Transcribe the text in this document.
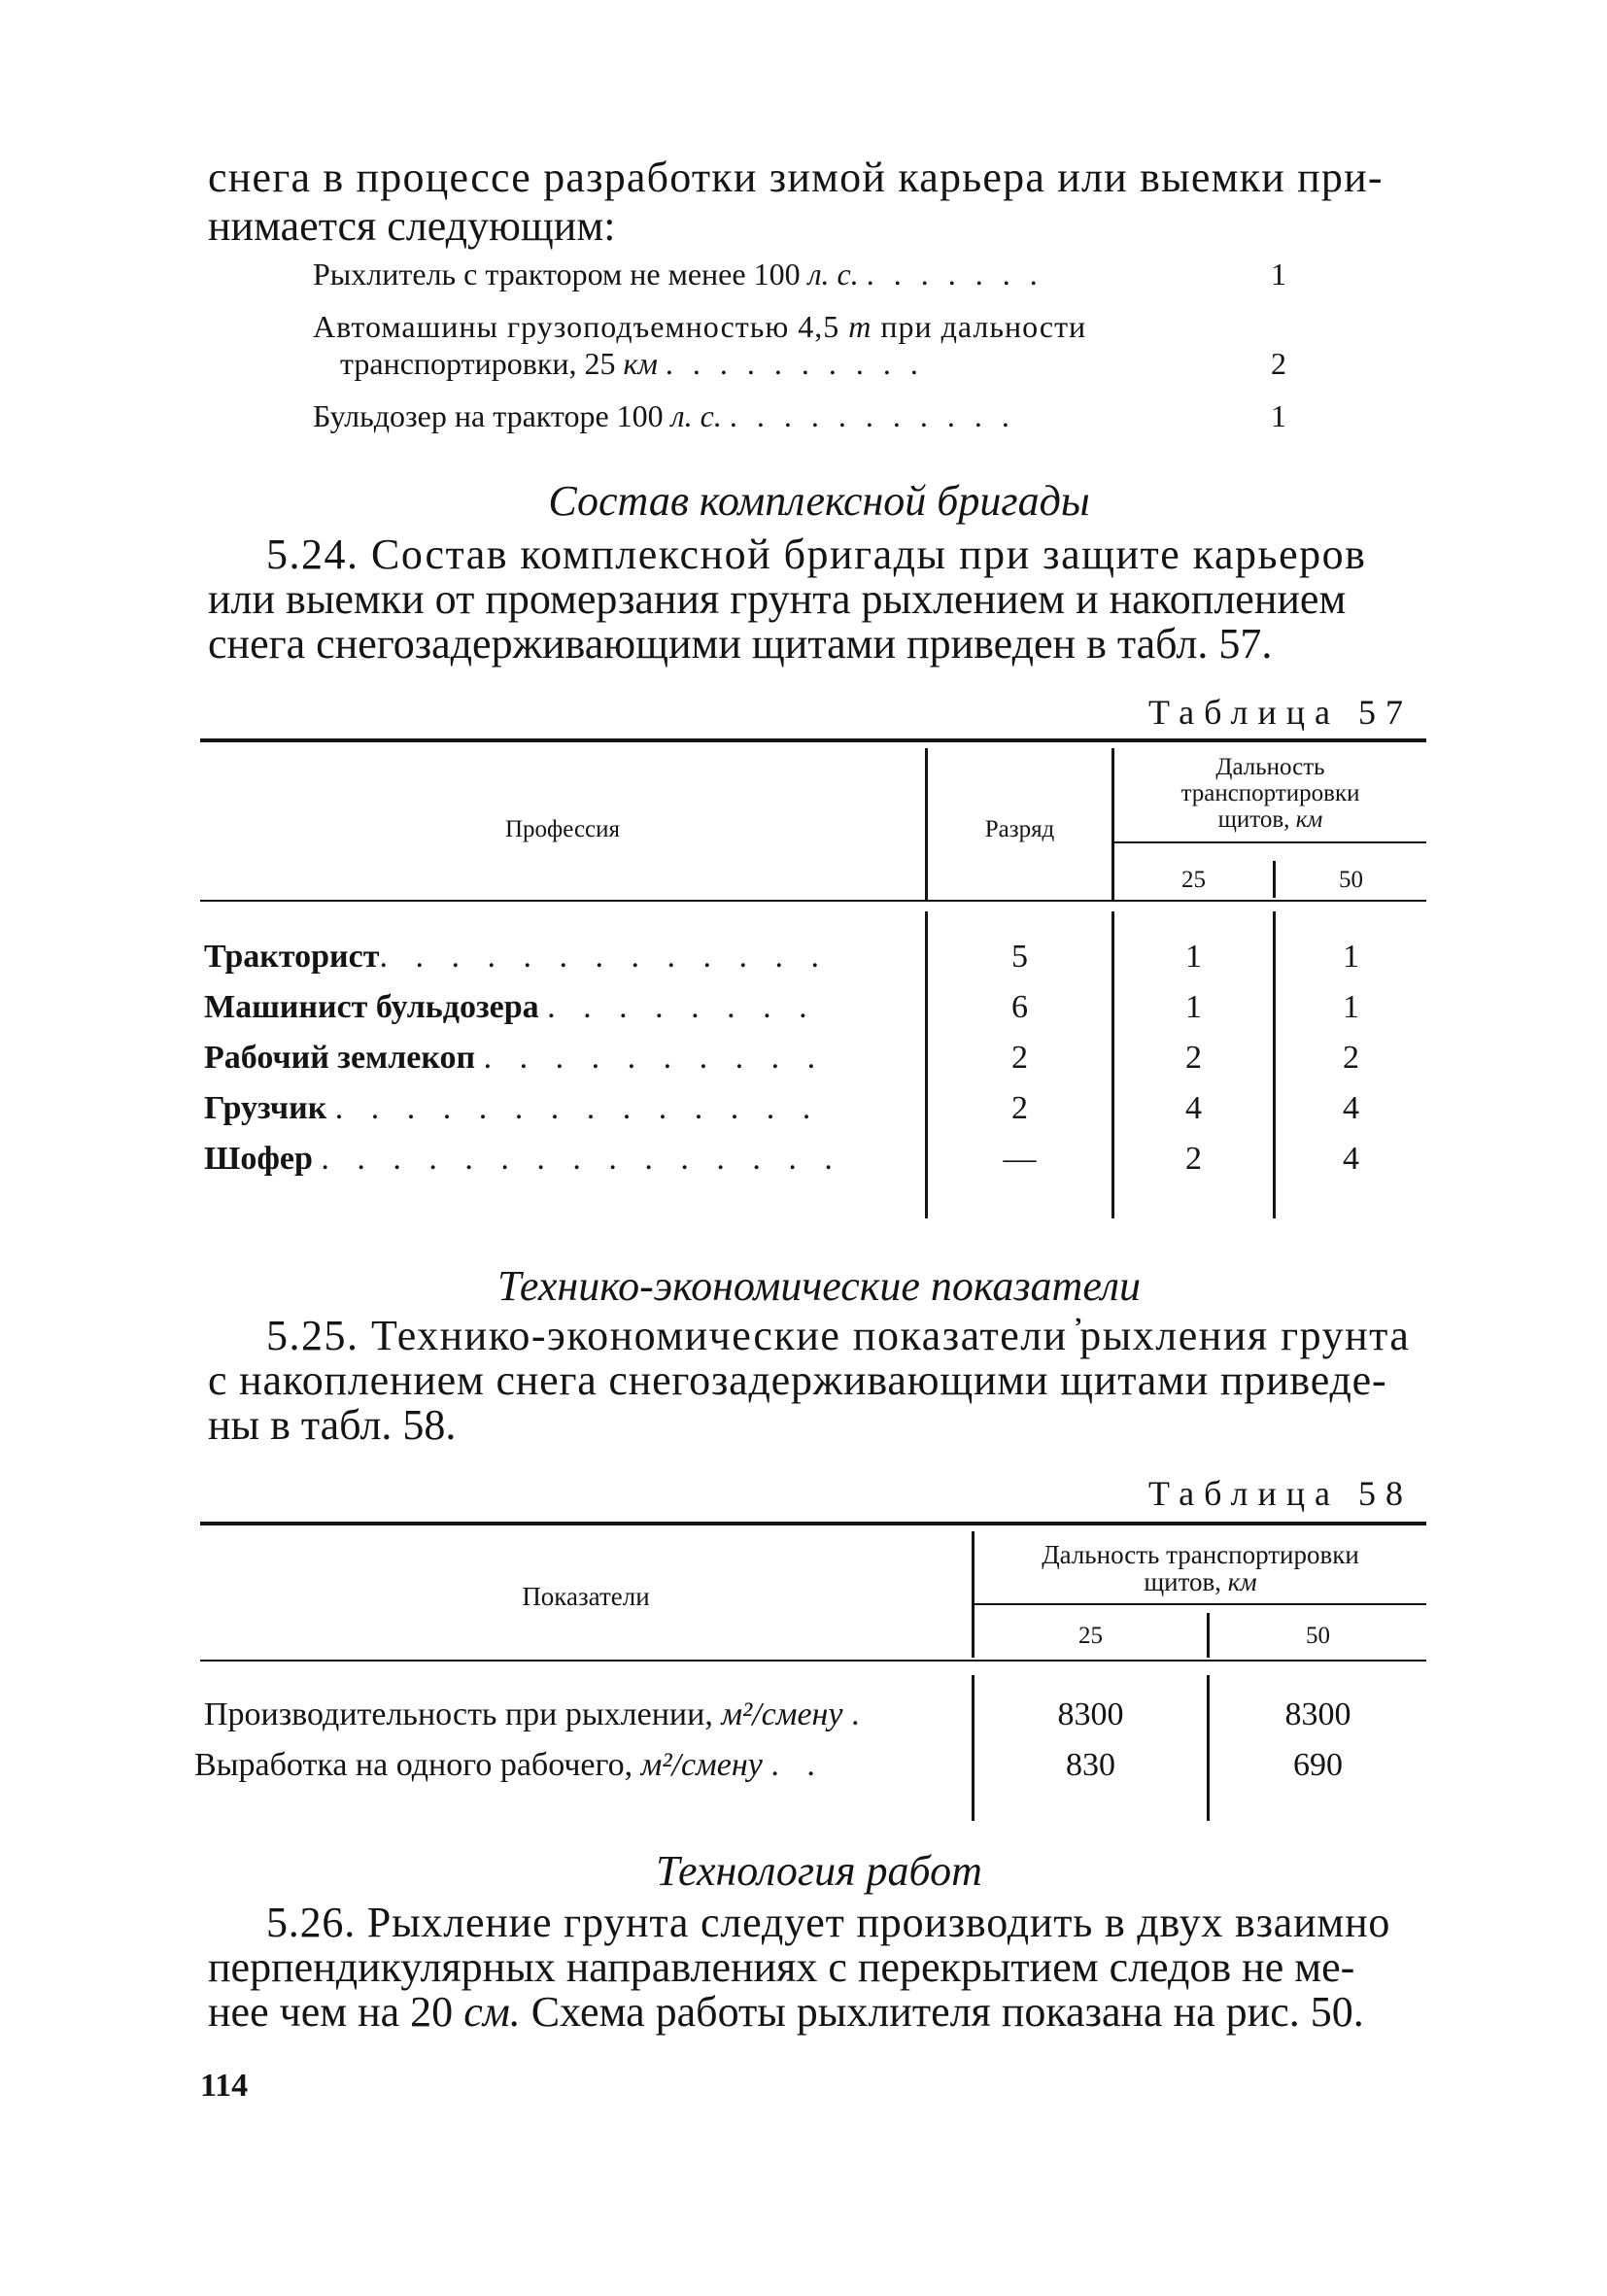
снега в процессе разработки зимой карьера или выемки при-
нимается следующим:
Рыхлитель с трактором не менее 100 л. с. . . . . . . .	1
Автомашины грузоподъемностью 4,5 т при дальности
транспортировки, 25 км . . . . . . . . . .	2
Бульдозер на тракторе 100 л. с. . . . . . . . . . . .	1
Состав комплексной бригады
5.24. Состав комплексной бригады при защите карьеров
или выемки от промерзания грунта рыхлением и накоплением
снега снегозадерживающими щитами приведен в табл. 57.
Таблица 57
Профессия	Разряд
Дальность
транспортировки
щитов, км
25	50
Тракторист. . . . . . . . . . . . .	5	1	1
Машинист бульдозера . . . . . . . .	6	1	1
Рабочий землекоп . . . . . . . . . .	2	2	2
Грузчик . . . . . . . . . . . . . .	2	4	4
Шофер . . . . . . . . . . . . . . .	—	2	4
Технико-экономические показатели
5.25. Технико-экономические показатели ̓рыхления грунта
с накоплением снега снегозадерживающими щитами приведе-
ны в табл. 58.
Таблица 58
Показатели
Дальность транспортировки
щитов, км
25	50
Производительность при рыхлении, м²/смену .	8300	8300
Выработка на одного рабочего, м²/смену . .	830	690
Технология работ
5.26. Рыхление грунта следует производить в двух взаимно
перпендикулярных направлениях с перекрытием следов не ме-
нее чем на 20 см. Схема работы рыхлителя показана на рис. 50.
114
